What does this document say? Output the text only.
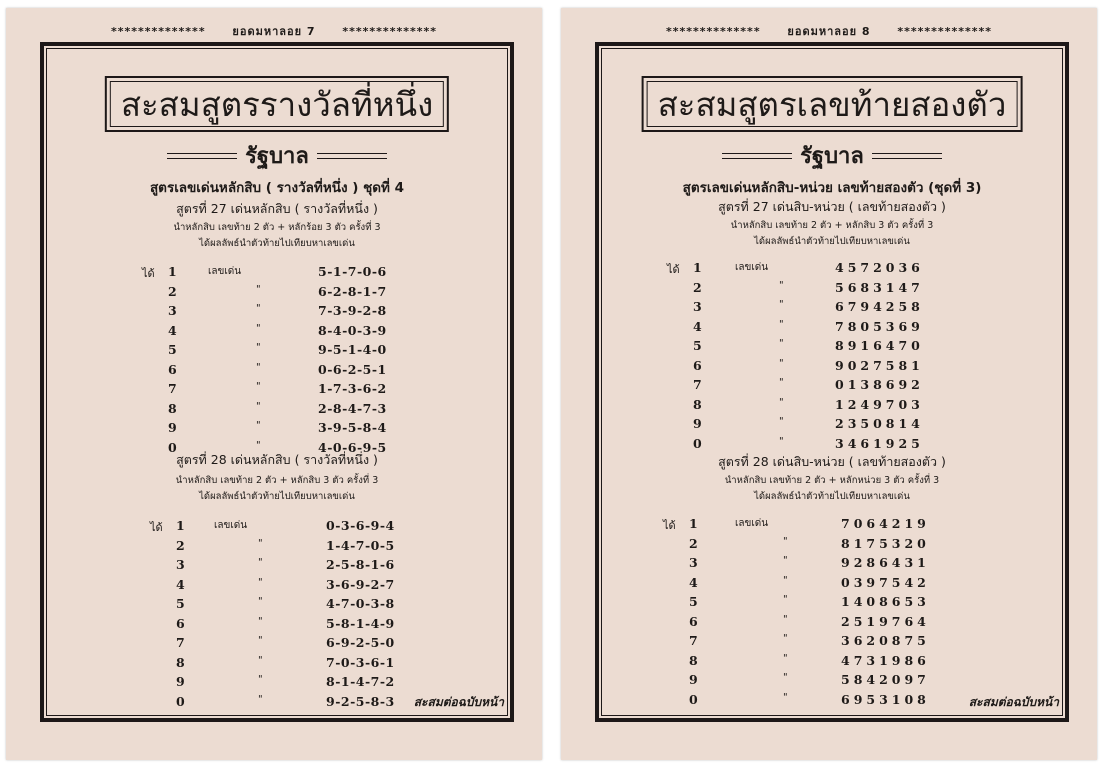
************** ยอดมหาลอย 7 **************
สะสมสูตรรางวัลที่หนึ่ง
รัฐบาล
สูตรเลขเด่นหลักสิบ ( รางวัลที่หนึ่ง ) ชุดที่ 4
สูตรที่ 27 เด่นหลักสิบ ( รางวัลที่หนึ่ง )
นำหลักสิบ เลขท้าย 2 ตัว + หลักร้อย 3 ตัว ครั้งที่ 3
ได้ผลลัพธ์นำตัวท้ายไปเทียบหาเลขเด่น
ได้ 1	เลขเด่น	5-1-7-0-6
2	"	6-2-8-1-7
3	"	7-3-9-2-8
4	"	8-4-0-3-9
5	"	9-5-1-4-0
6	"	0-6-2-5-1
7	"	1-7-3-6-2
8	"	2-8-4-7-3
9	"	3-9-5-8-4
0	"	4-0-6-9-5
สูตรที่ 28 เด่นหลักสิบ ( รางวัลที่หนึ่ง )
นำหลักสิบ เลขท้าย 2 ตัว + หลักสิบ 3 ตัว ครั้งที่ 3
ได้ผลลัพธ์นำตัวท้ายไปเทียบหาเลขเด่น
ได้ 1	เลขเด่น	0-3-6-9-4
2	"	1-4-7-0-5
3	"	2-5-8-1-6
4	"	3-6-9-2-7
5	"	4-7-0-3-8
6	"	5-8-1-4-9
7	"	6-9-2-5-0
8	"	7-0-3-6-1
9	"	8-1-4-7-2
0	"	9-2-5-8-3 สะสมต่อฉบับหน้า
************** ยอดมหาลอย 8 **************
สะสมสูตรเลขท้ายสองตัว
รัฐบาล
สูตรเลขเด่นหลักสิบ-หน่วย เลขท้ายสองตัว (ชุดที่ 3)
สูตรที่ 27 เด่นสิบ-หน่วย ( เลขท้ายสองตัว )
นำหลักสิบ เลขท้าย 2 ตัว + หลักสิบ 3 ตัว ครั้งที่ 3
ได้ผลลัพธ์นำตัวท้ายไปเทียบหาเลขเด่น
ได้ 1	เลขเด่น	4572036
2	"	5683147
3	"	6794258
4	"	7805369
5	"	8916470
6	"	9027581
7	"	0138692
8	"	1249703
9	"	2350814
0	"	3461925
สูตรที่ 28 เด่นสิบ-หน่วย ( เลขท้ายสองตัว )
นำหลักสิบ เลขท้าย 2 ตัว + หลักหน่วย 3 ตัว ครั้งที่ 3
ได้ผลลัพธ์นำตัวท้ายไปเทียบหาเลขเด่น
ได้ 1	เลขเด่น	7064219
2	"	8175320
3	"	9286431
4	"	0397542
5	"	1408653
6	"	2519764
7	"	3620875
8	"	4731986
9	"	5842097
0	"	6953108	สะสมต่อฉบับหน้า
